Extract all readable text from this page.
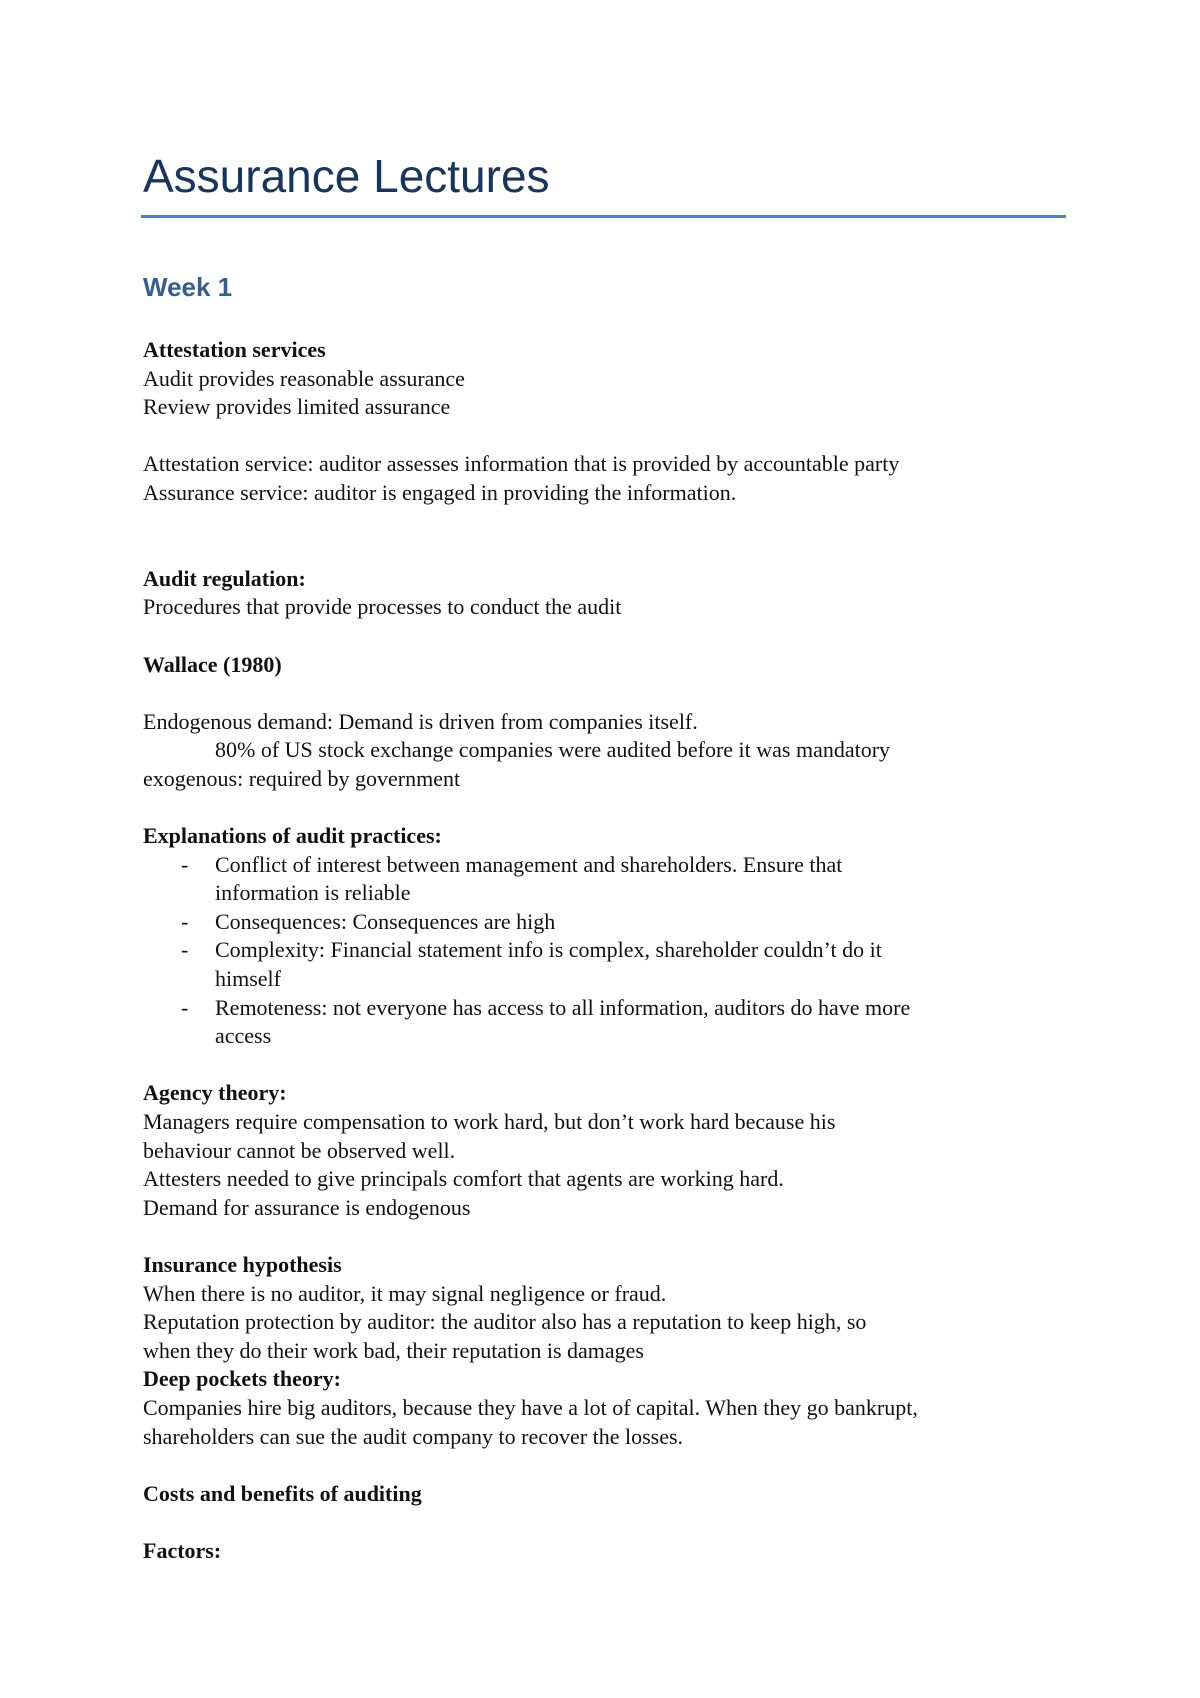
Assurance Lectures
Week 1
Attestation services
Audit provides reasonable assurance
Review provides limited assurance
Attestation service: auditor assesses information that is provided by accountable party
Assurance service: auditor is engaged in providing the information.
Audit regulation:
Procedures that provide processes to conduct the audit
Wallace (1980)
Endogenous demand: Demand is driven from companies itself.
80% of US stock exchange companies were audited before it was mandatory
exogenous: required by government
Explanations of audit practices:
- Conflict of interest between management and shareholders. Ensure that
information is reliable
- Consequences: Consequences are high
- Complexity: Financial statement info is complex, shareholder couldn’t do it
himself
- Remoteness: not everyone has access to all information, auditors do have more
access
Agency theory:
Managers require compensation to work hard, but don’t work hard because his
behaviour cannot be observed well.
Attesters needed to give principals comfort that agents are working hard.
Demand for assurance is endogenous
Insurance hypothesis
When there is no auditor, it may signal negligence or fraud.
Reputation protection by auditor: the auditor also has a reputation to keep high, so
when they do their work bad, their reputation is damages
Deep pockets theory:
Companies hire big auditors, because they have a lot of capital. When they go bankrupt,
shareholders can sue the audit company to recover the losses.
Costs and benefits of auditing
Factors:
